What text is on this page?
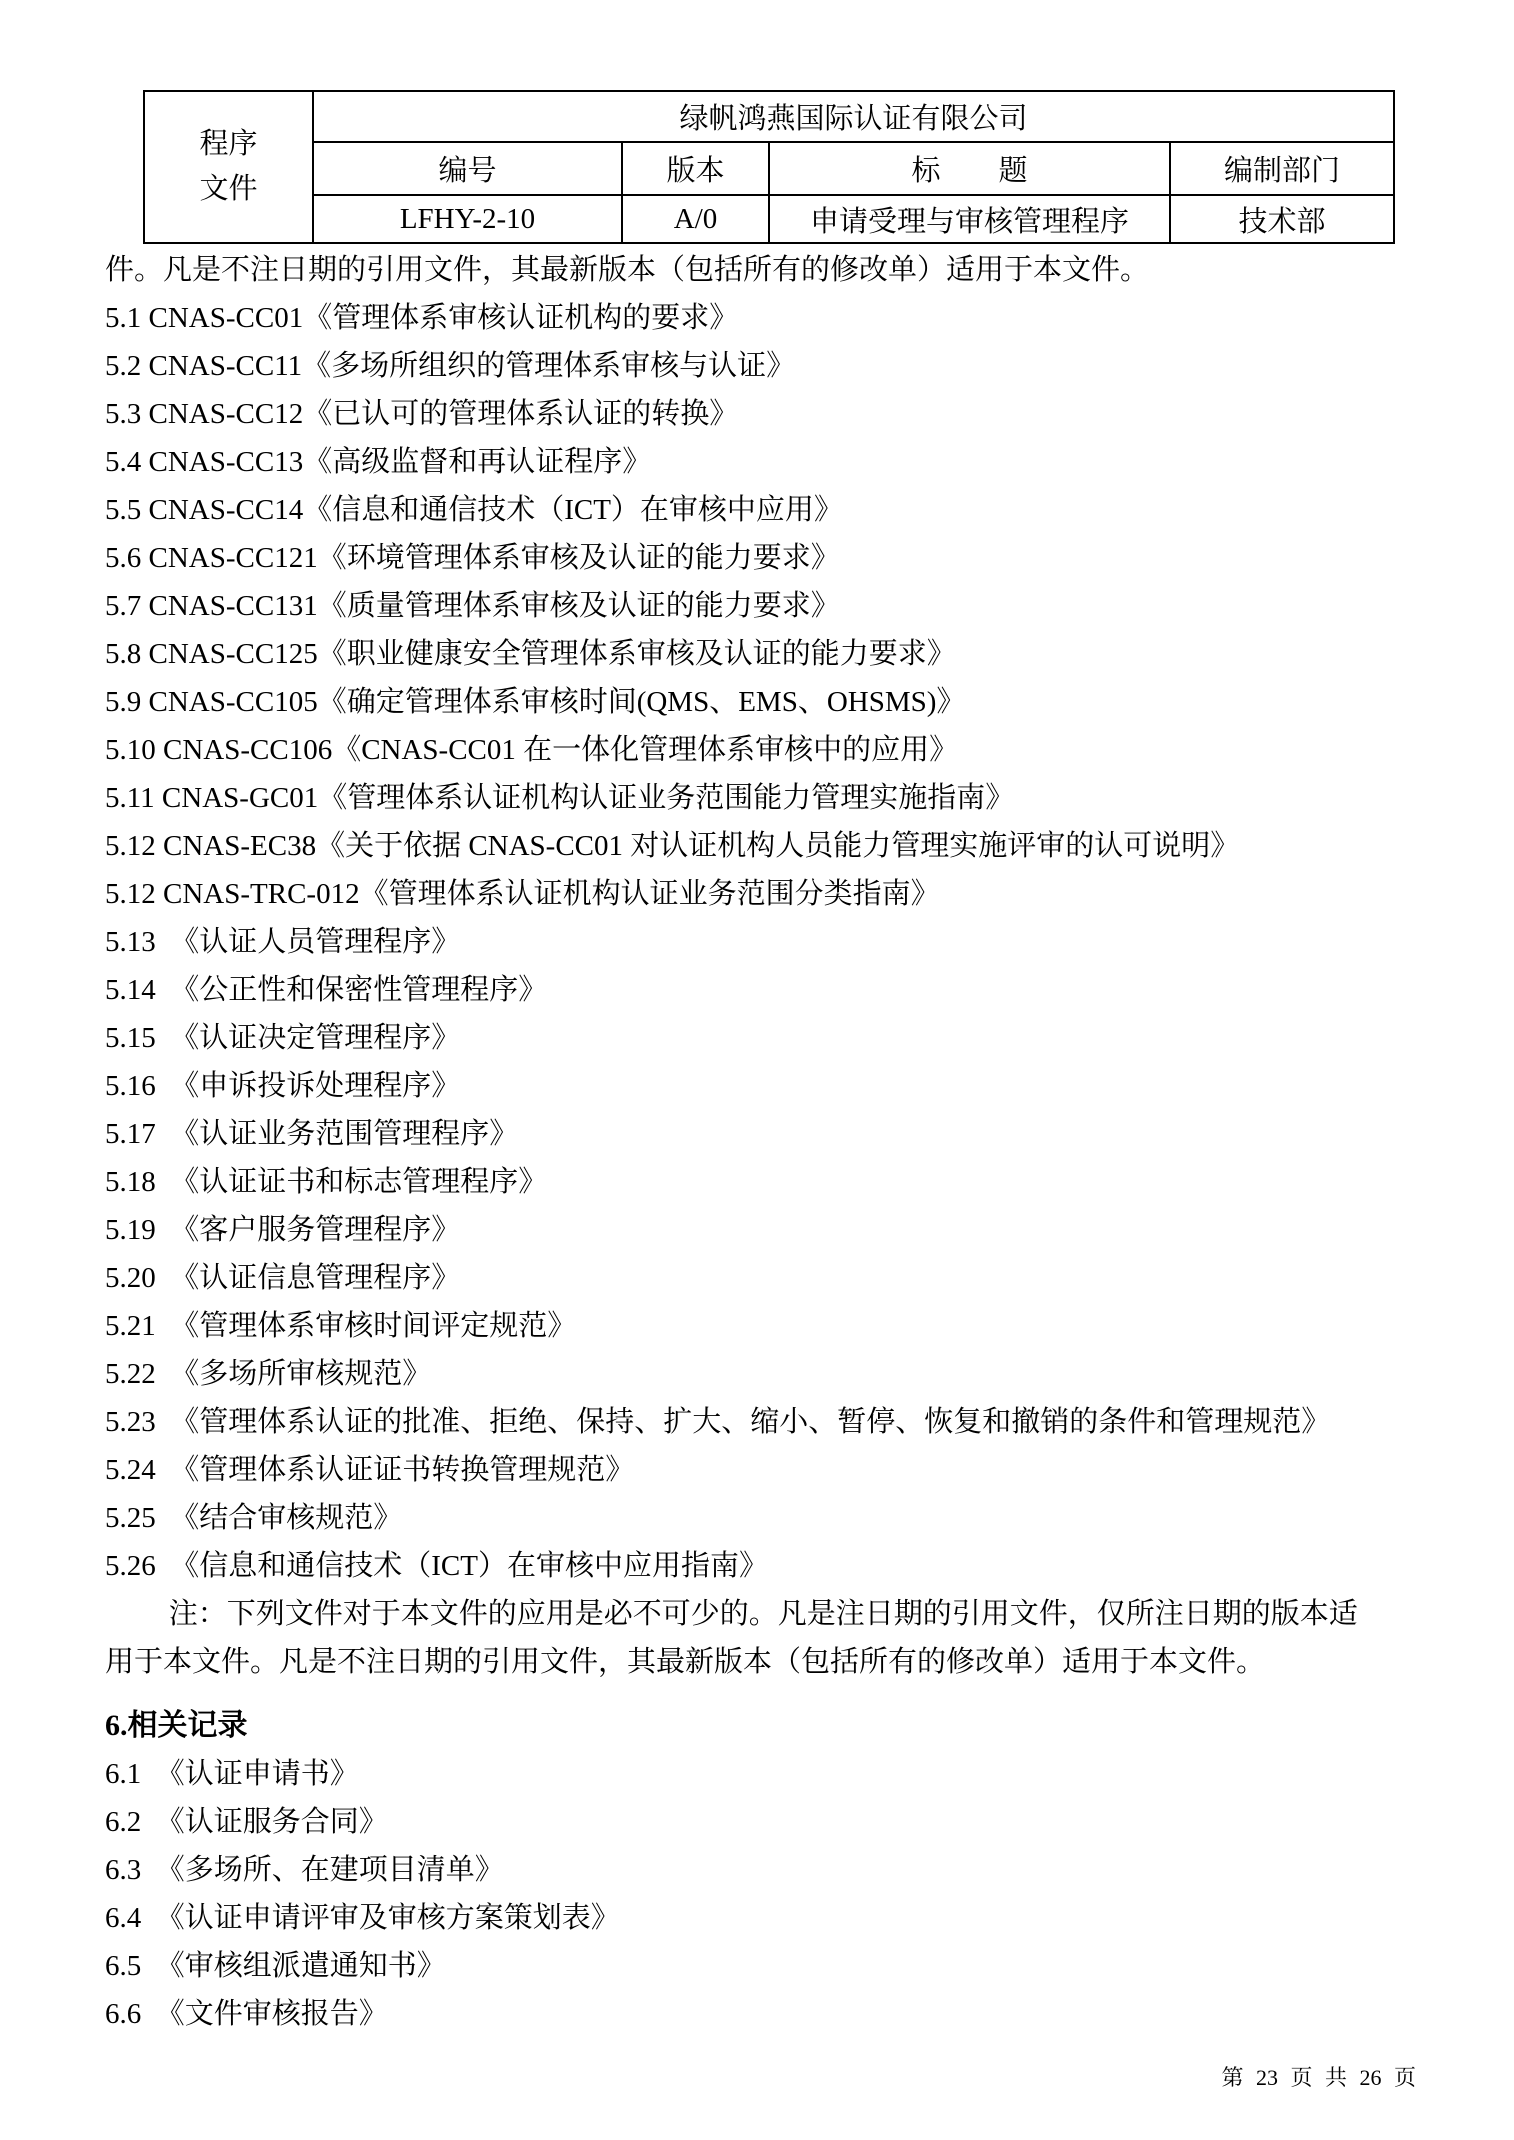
程序文件	绿帆鸿燕国际认证有限公司			
	编号	版本	标　　题	编制部门
	LFHY-2-10	A/0	申请受理与审核管理程序	技术部
件。凡是不注日期的引用文件，其最新版本（包括所有的修改单）适用于本文件。
5.1 CNAS-CC01《管理体系审核认证机构的要求》
5.2 CNAS-CC11《多场所组织的管理体系审核与认证》
5.3 CNAS-CC12《已认可的管理体系认证的转换》
5.4 CNAS-CC13《高级监督和再认证程序》
5.5 CNAS-CC14《信息和通信技术（ICT）在审核中应用》
5.6 CNAS-CC121《环境管理体系审核及认证的能力要求》
5.7 CNAS-CC131《质量管理体系审核及认证的能力要求》
5.8 CNAS-CC125《职业健康安全管理体系审核及认证的能力要求》
5.9 CNAS-CC105《确定管理体系审核时间(QMS、EMS、OHSMS)》
5.10 CNAS-CC106《CNAS-CC01 在一体化管理体系审核中的应用》
5.11 CNAS-GC01《管理体系认证机构认证业务范围能力管理实施指南》
5.12 CNAS-EC38《关于依据 CNAS-CC01 对认证机构人员能力管理实施评审的认可说明》
5.12 CNAS-TRC-012《管理体系认证机构认证业务范围分类指南》
5.13　《认证人员管理程序》
5.14　《公正性和保密性管理程序》
5.15　《认证决定管理程序》
5.16　《申诉投诉处理程序》
5.17　《认证业务范围管理程序》
5.18　《认证证书和标志管理程序》
5.19　《客户服务管理程序》
5.20　《认证信息管理程序》
5.21　《管理体系审核时间评定规范》
5.22　《多场所审核规范》
5.23　《管理体系认证的批准、拒绝、保持、扩大、缩小、暂停、恢复和撤销的条件和管理规范》
5.24　《管理体系认证证书转换管理规范》
5.25　《结合审核规范》
5.26　《信息和通信技术（ICT）在审核中应用指南》
注：下列文件对于本文件的应用是必不可少的。凡是注日期的引用文件，仅所注日期的版本适
用于本文件。凡是不注日期的引用文件，其最新版本（包括所有的修改单）适用于本文件。
6.相关记录
6.1　《认证申请书》
6.2　《认证服务合同》
6.3　《多场所、在建项目清单》
6.4　《认证申请评审及审核方案策划表》
6.5　《审核组派遣通知书》
6.6　《文件审核报告》
第 23 页 共 26 页
